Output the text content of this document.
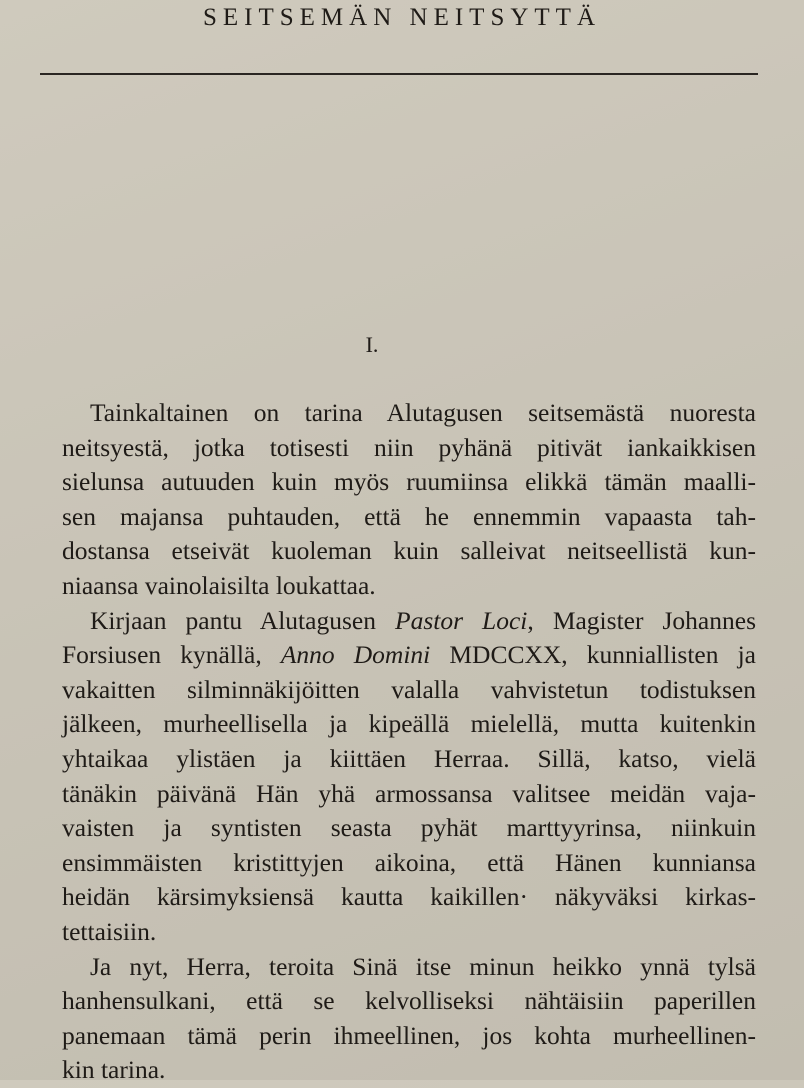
SEITSEMÄN NEITSYTTÄ
I.
Tainkaltainen on tarina Alutagusen seitsemästä nuoresta
neitsyestä, jotka totisesti niin pyhänä pitivät iankaikkisen
sielunsa autuuden kuin myös ruumiinsa elikkä tämän maalli-
sen majansa puhtauden, että he ennemmin vapaasta tah-
dostansa etseivät kuoleman kuin salleivat neitseellistä kun-
niaansa vainolaisilta loukattaa.
Kirjaan pantu Alutagusen Pastor Loci, Magister Johannes
Forsiusen kynällä, Anno Domini MDCCXX, kunniallisten ja
vakaitten silminnäkijöitten valalla vahvistetun todistuksen
jälkeen, murheellisella ja kipeällä mielellä, mutta kuitenkin
yhtaikaa ylistäen ja kiittäen Herraa. Sillä, katso, vielä
tänäkin päivänä Hän yhä armossansa valitsee meidän vaja-
vaisten ja syntisten seasta pyhät marttyyrinsa, niinkuin
ensimmäisten kristittyjen aikoina, että Hänen kunniansa
heidän kärsimyksiensä kautta kaikillen· näkyväksi kirkas-
tettaisiin.
Ja nyt, Herra, teroita Sinä itse minun heikko ynnä tylsä
hanhensulkani, että se kelvolliseksi nähtäisiin paperillen
panemaan tämä perin ihmeellinen, jos kohta murheellinen-
kin tarina.
